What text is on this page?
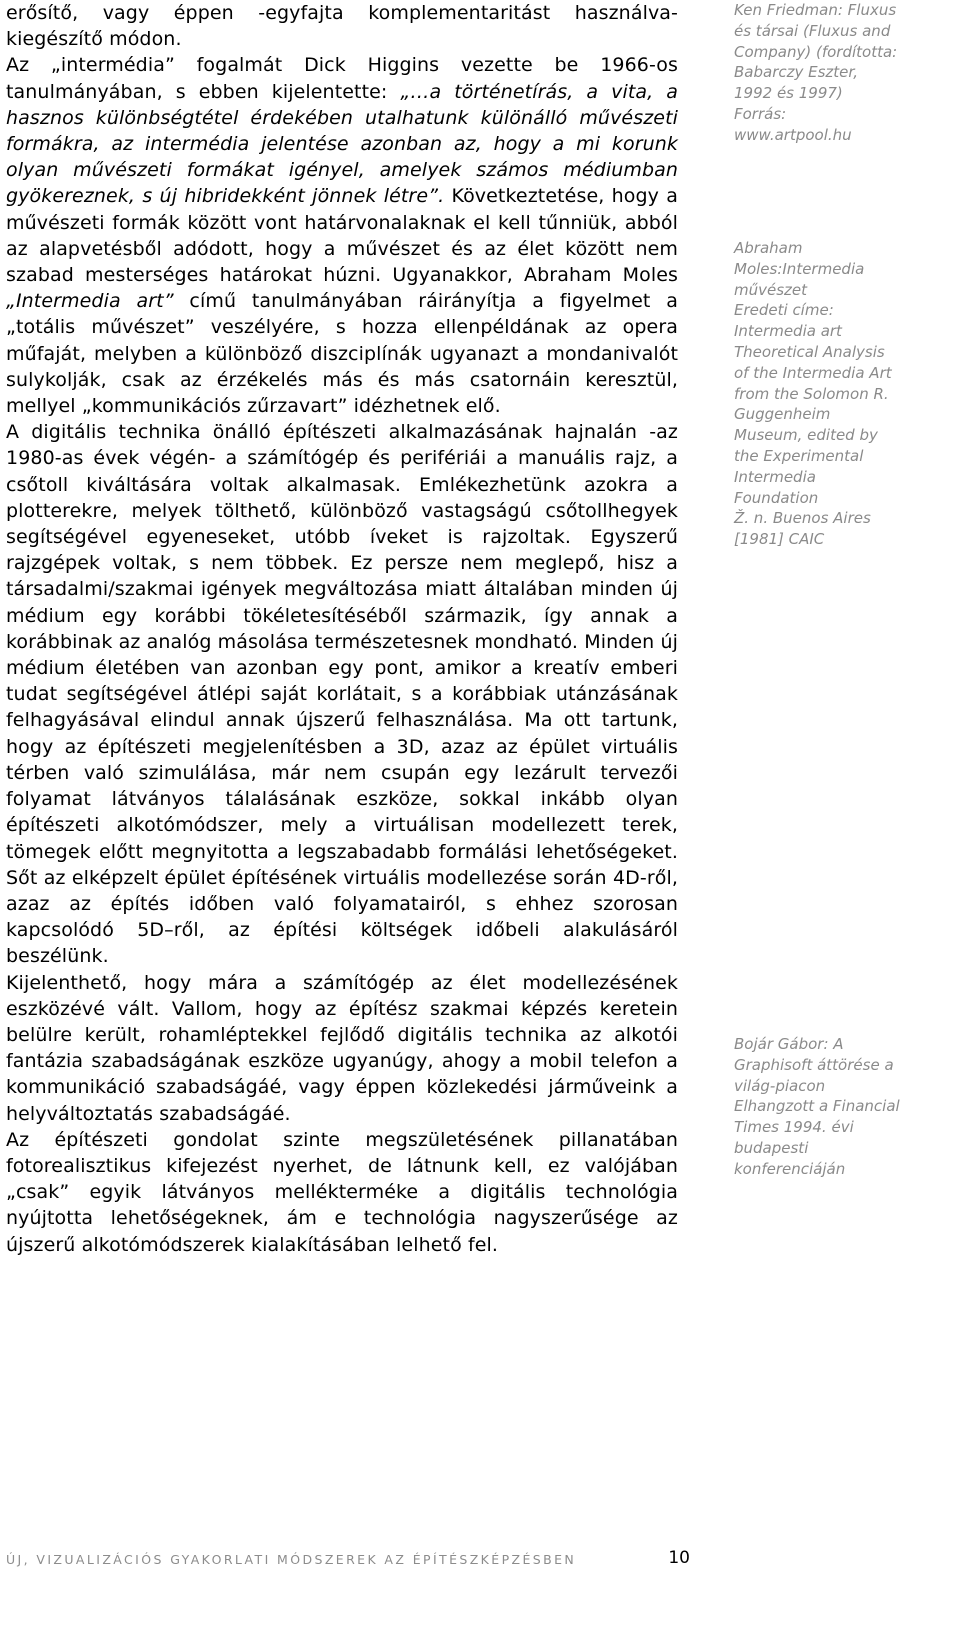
erősítő, vagy éppen -egyfajta komplementaritást használva- kiegészítő módon.

Az „intermédia” fogalmát Dick Higgins vezette be 1966-os tanulmányában, s ebben kijelentette: „…a történetírás, a vita, a hasznos különbségtétel érdekében utalhatunk különálló művészeti formákra, az intermédia jelentése azonban az, hogy a mi korunk olyan művészeti formákat igényel, amelyek számos médiumban gyökereznek, s új hibridekként jönnek létre”. Következtetése, hogy a művészeti formák között vont határvonalaknak el kell tűnniük, abból az alapvetésből adódott, hogy a művészet és az élet között nem szabad mesterséges határokat húzni. Ugyanakkor, Abraham Moles „Intermedia art” című tanulmányában ráirányítja a figyelmet a „totális művészet” veszélyére, s hozza ellenpéldának az opera műfaját, melyben a különböző diszciplínák ugyanazt a mondanivalót sulykolják, csak az érzékelés más és más csatornáin keresztül, mellyel „kommunikációs zűrzavart” idézhetnek elő.

A digitális technika önálló építészeti alkalmazásának hajnalán -az 1980-as évek végén- a számítógép és perifériái a manuális rajz, a csőtoll kiváltására voltak alkalmasak. Emlékezhetünk azokra a plotterekre, melyek tölthető, különböző vastagságú csőtollhegyek segítségével egyeneseket, utóbb íveket is rajzoltak. Egyszerű rajzgépek voltak, s nem többek. Ez persze nem meglepő, hisz a társadalmi/szakmai igények megváltozása miatt általában minden új médium egy korábbi tökéletesítéséből származik, így annak a korábbinak az analóg másolása természetesnek mondható. Minden új médium életében van azonban egy pont, amikor a kreatív emberi tudat segítségével átlépi saját korlátait, s a korábbiak utánzásának felhagyásával elindul annak újszerű felhasználása. Ma ott tartunk, hogy az építészeti megjelenítésben a 3D, azaz az épület virtuális térben való szimulálása, már nem csupán egy lezárult tervezői folyamat látványos tálalásának eszköze, sokkal inkább olyan építészeti alkotómódszer, mely a virtuálisan modellezett terek, tömegek előtt megnyitotta a legszabadabb formálási lehetőségeket. Sőt az elképzelt épület építésének virtuális modellezése során 4D-ről, azaz az építés időben való folyamatairól, s ehhez szorosan kapcsolódó 5D–ről, az építési költségek időbeli alakulásáról beszélünk.

Kijelenthető, hogy mára a számítógép az élet modellezésének eszközévé vált. Vallom, hogy az építész szakmai képzés keretein belülre került, rohamléptekkel fejlődő digitális technika az alkotói fantázia szabadságának eszköze ugyanúgy, ahogy a mobil telefon a kommunikáció szabadságáé, vagy éppen közlekedési járműveink a helyváltoztatás szabadságáé.

Az építészeti gondolat szinte megszületésének pillanatában fotorealisztikus kifejezést nyerhet, de látnunk kell, ez valójában „csak” egyik látványos mellékterméke a digitális technológia nyújtotta lehetőségeknek, ám e technológia nagyszerűsége az újszerű alkotómódszerek kialakításában lelhető fel.

Ken Friedman: Fluxus
és társai (Fluxus and
Company) (fordította:
Babarczy Eszter,
1992 és 1997)
Forrás:
www.artpool.hu
Abraham
Moles:Intermedia
művészet
Eredeti címe:
Intermedia art
Theoretical Analysis
of the Intermedia Art
from the Solomon R.
Guggenheim
Museum, edited by
the Experimental
Intermedia
Foundation
Ž. n. Buenos Aires
[1981] CAIC
Bojár Gábor: A
Graphisoft áttörése a
világ-piacon
Elhangzott a Financial
Times 1994. évi
budapesti
konferenciáján
ÚJ, VIZUALIZÁCIÓS GYAKORLATI MÓDSZEREK AZ ÉPÍTÉSZKÉPZÉSBEN	10
